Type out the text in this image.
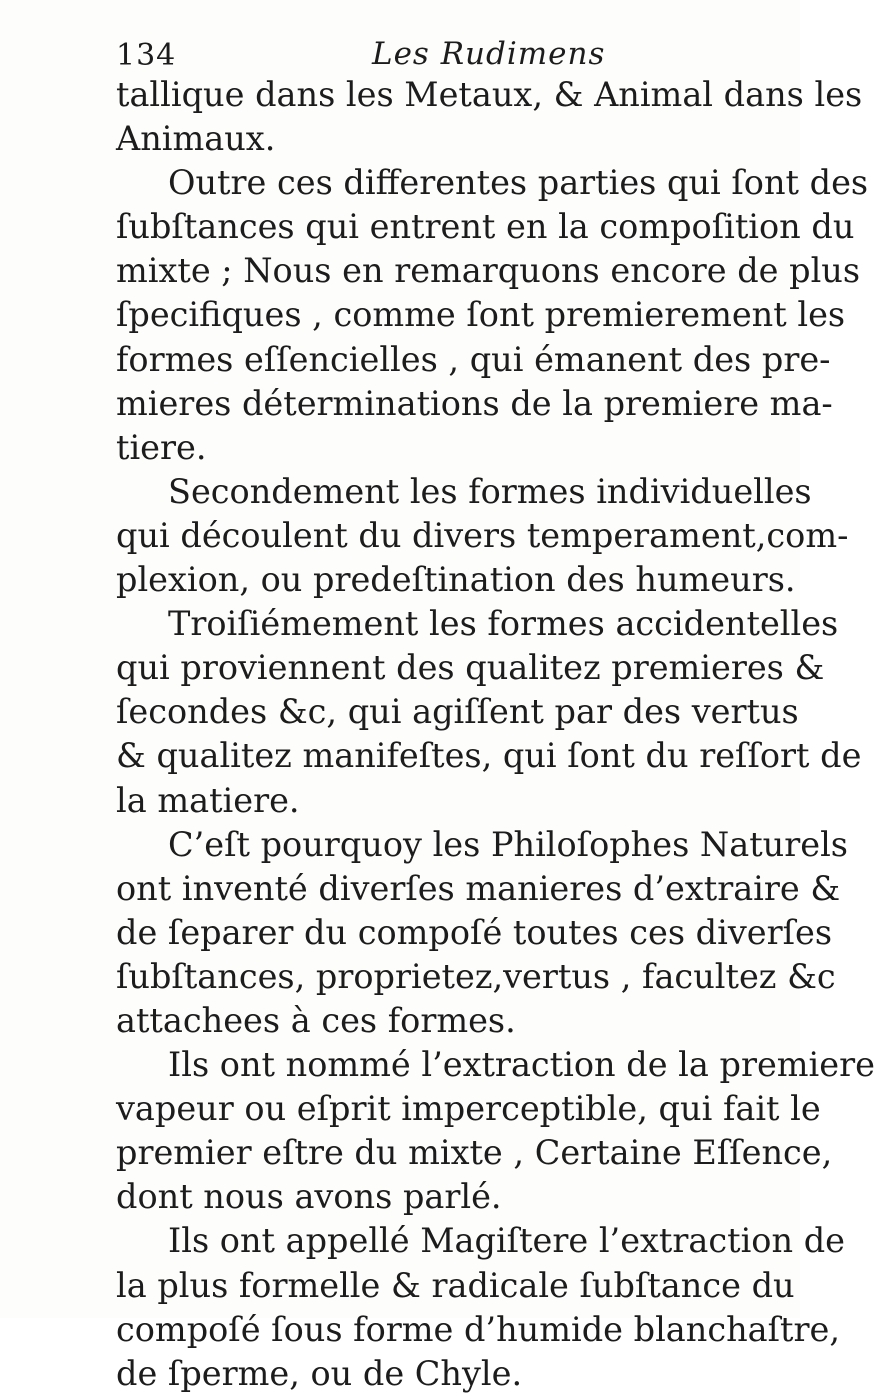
134	Les Rudimens
tallique dans les Metaux, & Animal dans les
Animaux.
Outre ces differentes parties qui ſont des
ſubſtances qui entrent en la compoſition du
mixte ; Nous en remarquons encore de plus
ſpecifiques , comme ſont premierement les
formes eſſencielles , qui émanent des pre-
mieres déterminations de la premiere ma-
tiere.
Secondement les formes individuelles
qui découlent du divers temperament,com-
plexion, ou predeſtination des humeurs.
Troiſiémement les formes accidentelles
qui proviennent des qualitez premieres &
ſecondes &c, qui agiſſent par des vertus
& qualitez manifeſtes, qui ſont du reſſort de
la matiere.
C’eſt pourquoy les Philoſophes Naturels
ont inventé diverſes manieres d’extraire &
de ſeparer du compoſé toutes ces diverſes
ſubſtances, proprietez,vertus , facultez &c
attachees à ces formes.
Ils ont nommé l’extraction de la premiere
vapeur ou eſprit imperceptible, qui fait le
premier eſtre du mixte , Certaine Eſſence,
dont nous avons parlé.
Ils ont appellé Magiſtere l’extraction de
la plus formelle & radicale ſubſtance du
compoſé ſous forme d’humide blanchaſtre,
de ſperme, ou de Chyle.
